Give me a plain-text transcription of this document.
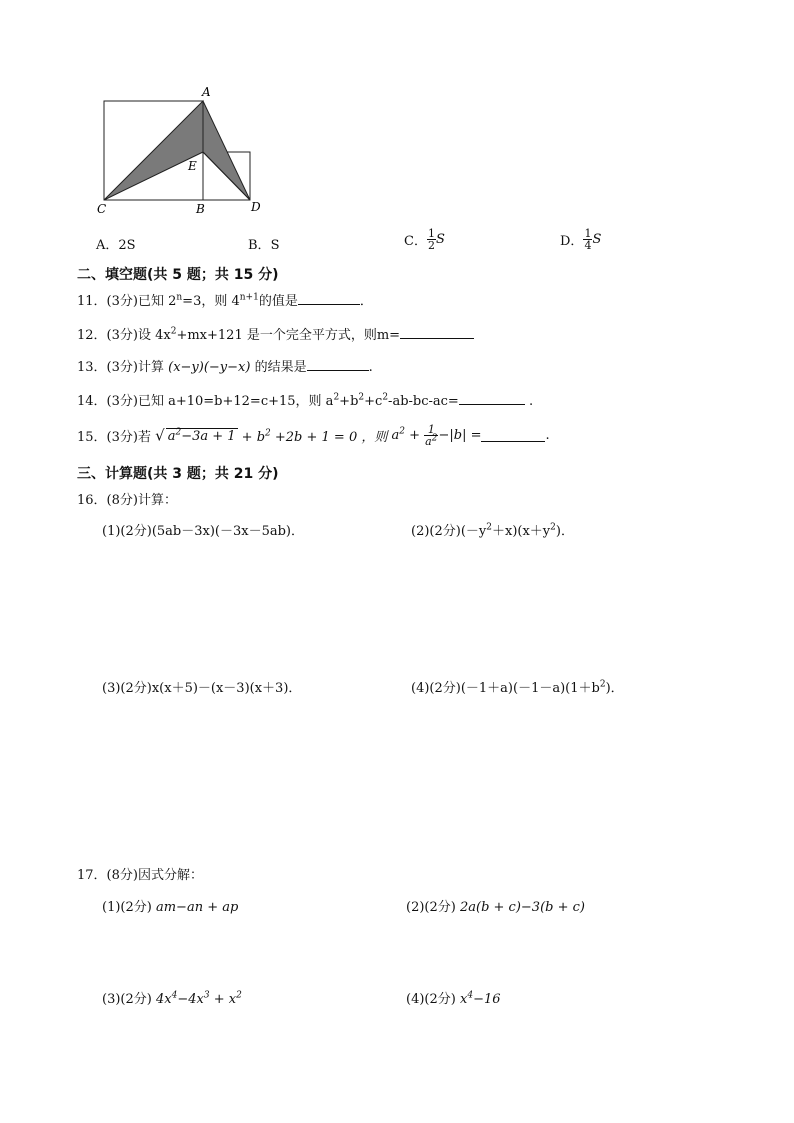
A
E
C	B	D
A．2S	B．S	C． $\frac{1}{2}$ S	D． $\frac{1}{4}$ S
二、填空题(共 5 题；共 15 分)
11．(3分)已知 $2^n=3$，则 $4^{n+1}$的值是	．
12．(3分)设 $4x^2+mx+121$ 是一个完全平方式，则m=
13．(3分)计算 (x−y)(−y−x) 的结果是	.
14．(3分)已知 a+10=b+12=c+15，则 $a^2+b^2+c^2-ab-bc-ac=$	.
15．(3分)若 √ $a^2-3a + 1 + b^2 +2b + 1 = 0$ ，则 $a^2 + \frac{1}{a^2} -|b|$ =	.
三、计算题(共 3 题；共 21 分)
16．(8分)计算：
(1)(2分)(5ab－3x)(－3x－5ab)．	(2)(2分)$(-y^2+x)(x+y^2)$．
(3)(2分)x(x＋5)－(x－3)(x＋3)．	(4)(2分)$(-1+a)(-1-a)(1+b^2)$．
17．(8分)因式分解：
(1)(2分) am−an + ap	(2)(2分) 2a(b + c)−3(b + c)
(3)(2分) $4x^4-4x^3 + x^2$	(4)(2分) $x^4-16$
